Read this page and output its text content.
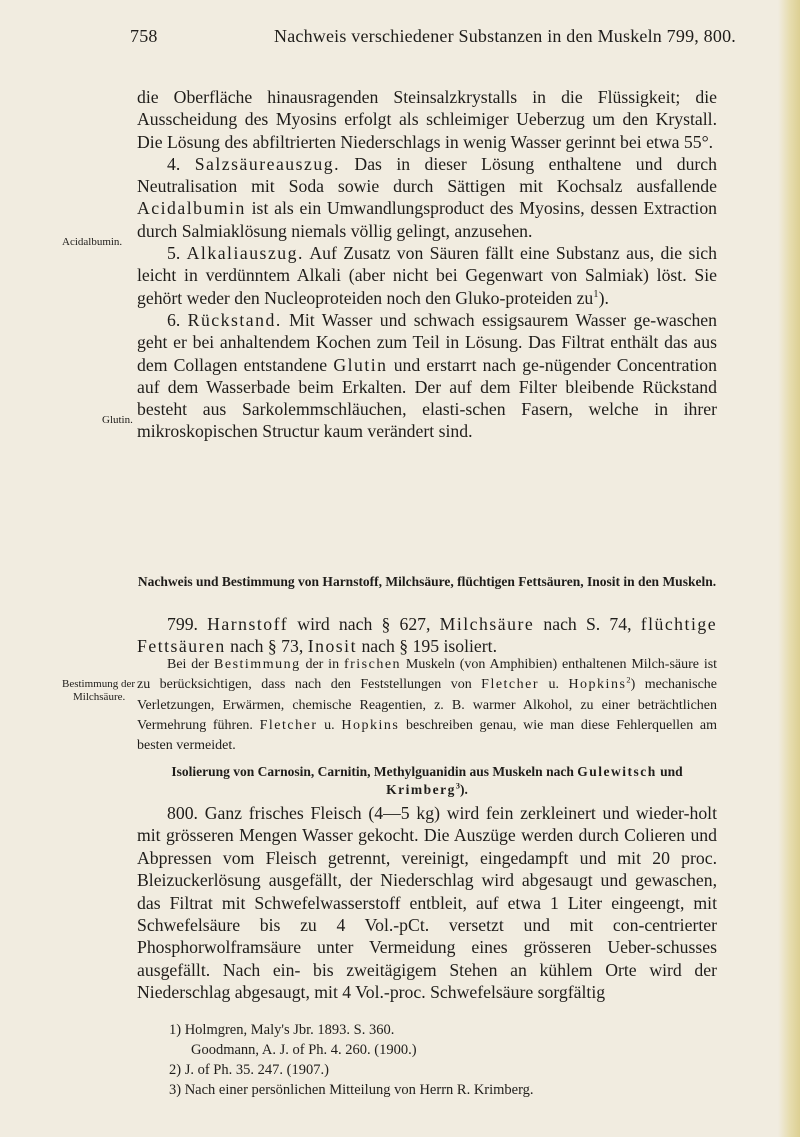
758	Nachweis verschiedener Substanzen in den Muskeln 799, 800.

die Oberfläche hinausragenden Steinsalzkrystalls in die Flüssigkeit; die Ausscheidung des Myosins erfolgt als schleimiger Ueberzug um den Krystall. Die Lösung des abfiltrierten Niederschlags in wenig Wasser gerinnt bei etwa 55°.

4. Salzsäureauszug. Das in dieser Lösung enthaltene und durch Neutralisation mit Soda sowie durch Sättigen mit Kochsalz ausfallende Acidalbumin ist als ein Umwandlungsproduct des Myosins, dessen Extraction durch Salmiaklösung niemals völlig gelingt, anzusehen.

5. Alkaliauszug. Auf Zusatz von Säuren fällt eine Substanz aus, die sich leicht in verdünntem Alkali (aber nicht bei Gegenwart von Salmiak) löst. Sie gehört weder den Nucleoproteiden noch den Gluko-proteiden $zu^1$).

6. Rückstand. Mit Wasser und schwach essigsaurem Wasser ge-waschen geht er bei anhaltendem Kochen zum Teil in Lösung. Das Filtrat enthält das aus dem Collagen entstandene Glutin und erstarrt nach ge-nügender Concentration auf dem Wasserbade beim Erkalten. Der auf dem Filter bleibende Rückstand besteht aus Sarkolemmschläuchen, elasti-schen Fasern, welche in ihrer mikroskopischen Structur kaum verändert sind.

Acidalbumin.
Glutin.
Bestimmung der
Milchsäure.
Nachweis und Bestimmung von Harnstoff, Milchsäure, flüchtigen Fettsäuren, Inosit in den Muskeln.

799. Harnstoff wird nach § 627, Milchsäure nach S. 74, flüchtige Fettsäuren nach § 73, Inosit nach § 195 isoliert.

Bei der Bestimmung der in frischen Muskeln (von Amphibien) enthaltenen Milch-säure ist zu berücksichtigen, dass nach den Feststellungen von Fletcher u. Hopkins$^2$) mechanische Verletzungen, Erwärmen, chemische Reagentien, z. B. warmer Alkohol, zu einer beträchtlichen Vermehrung führen. Fletcher u. Hopkins beschreiben genau, wie man diese Fehlerquellen am besten vermeidet.

Isolierung von Carnosin, Carnitin, Methylguanidin aus Muskeln nach Gulewitsch und Krimberg$^3$).

800. Ganz frisches Fleisch (4—5 kg) wird fein zerkleinert und wieder-holt mit grösseren Mengen Wasser gekocht. Die Auszüge werden durch Colieren und Abpressen vom Fleisch getrennt, vereinigt, eingedampft und mit 20 proc. Bleizuckerlösung ausgefällt, der Niederschlag wird abgesaugt und gewaschen, das Filtrat mit Schwefelwasserstoff entbleit, auf etwa 1 Liter eingeengt, mit Schwefelsäure bis zu 4 Vol.-pCt. versetzt und mit con-centrierter Phosphorwolframsäure unter Vermeidung eines grösseren Ueber-schusses ausgefällt. Nach ein- bis zweitägigem Stehen an kühlem Orte wird der Niederschlag abgesaugt, mit 4 Vol.-proc. Schwefelsäure sorgfältig

1) Holmgren, Maly's Jbr. 1893. S. 360.
Goodmann, A. J. of Ph. 4. 260. (1900.)
2) J. of Ph. 35. 247. (1907.)
3) Nach einer persönlichen Mitteilung von Herrn R. Krimberg.
